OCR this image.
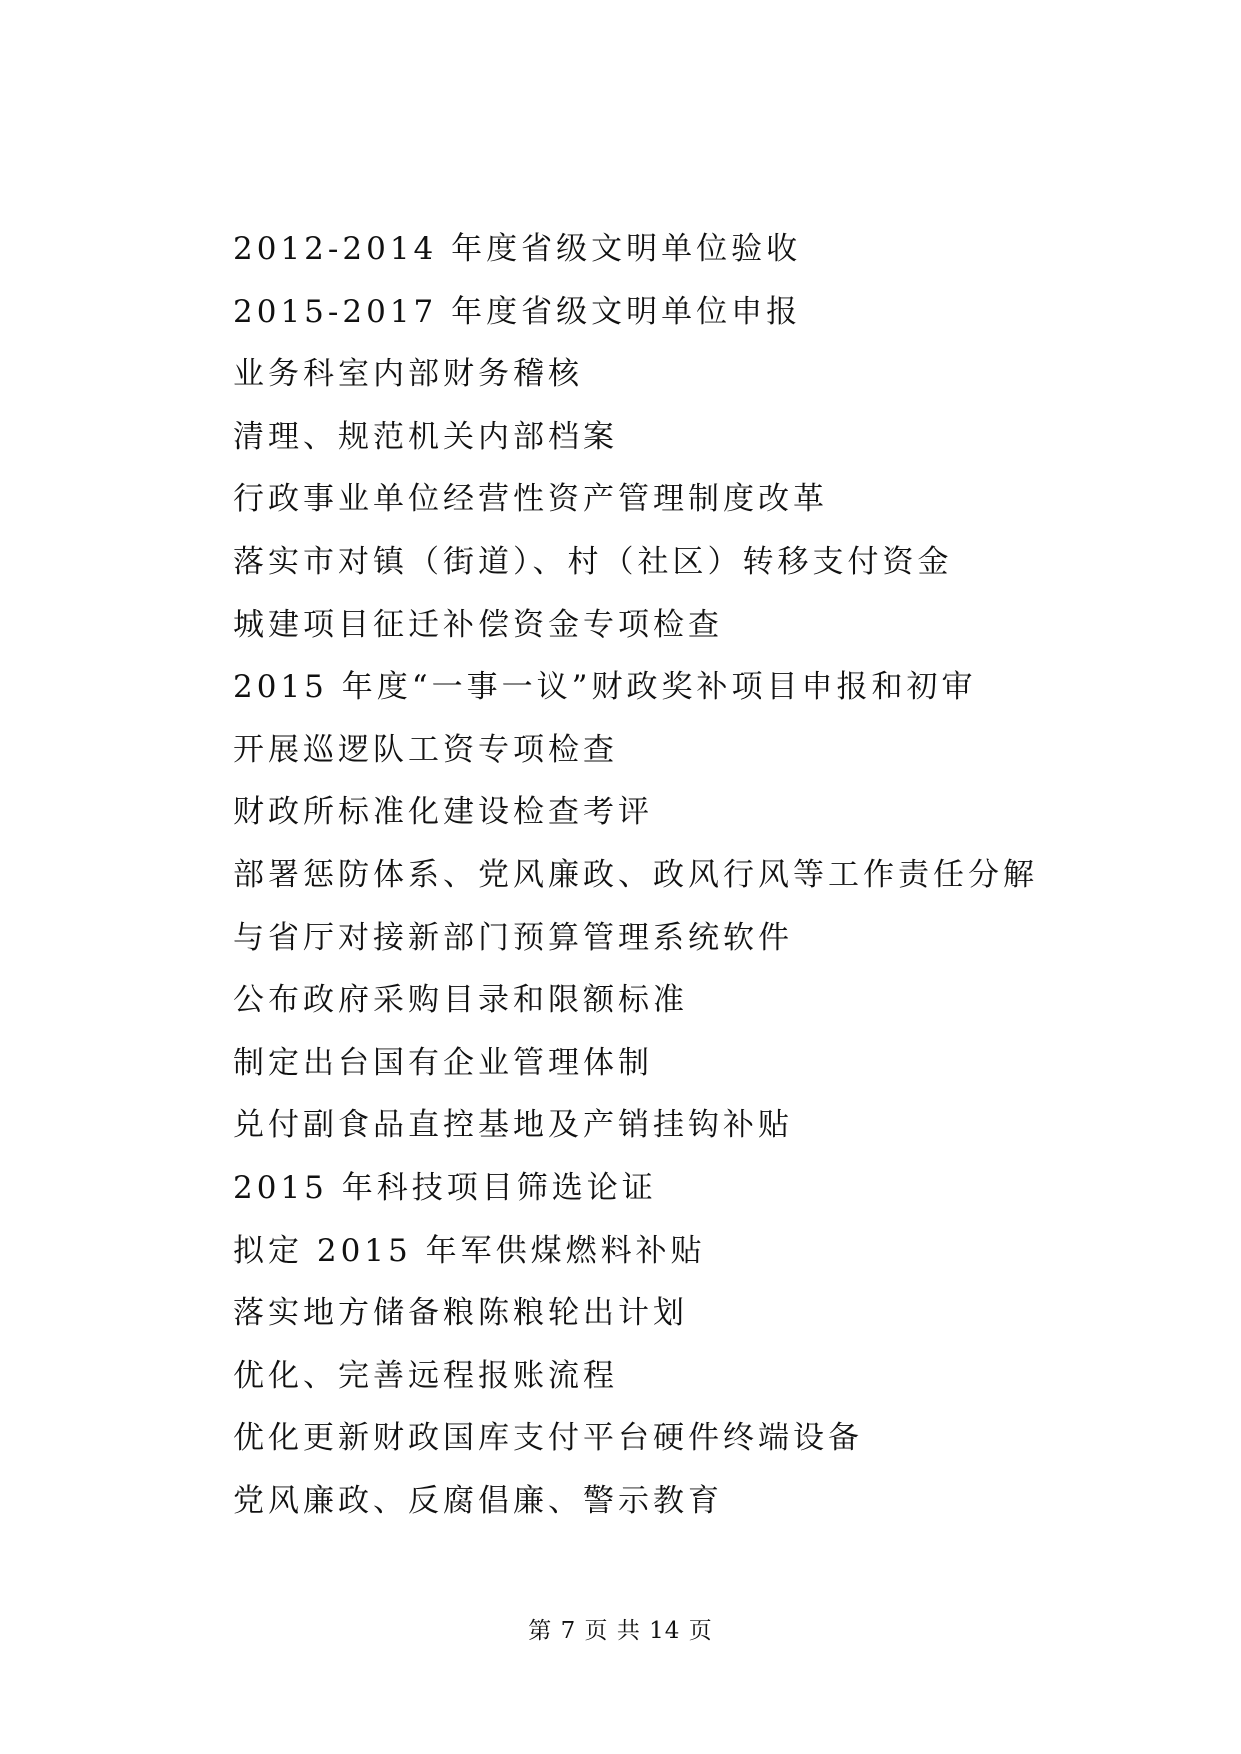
2012-2014 年度省级文明单位验收
2015-2017 年度省级文明单位申报
业务科室内部财务稽核
清理、规范机关内部档案
行政事业单位经营性资产管理制度改革
落实市对镇（街道）、村（社区）转移支付资金
城建项目征迁补偿资金专项检查
2015 年度“一事一议”财政奖补项目申报和初审
开展巡逻队工资专项检查
财政所标准化建设检查考评
部署惩防体系、党风廉政、政风行风等工作责任分解
与省厅对接新部门预算管理系统软件
公布政府采购目录和限额标准
制定出台国有企业管理体制
兑付副食品直控基地及产销挂钩补贴
2015 年科技项目筛选论证
拟定 2015 年军供煤燃料补贴
落实地方储备粮陈粮轮出计划
优化、完善远程报账流程
优化更新财政国库支付平台硬件终端设备
党风廉政、反腐倡廉、警示教育
第 7 页 共 14 页
